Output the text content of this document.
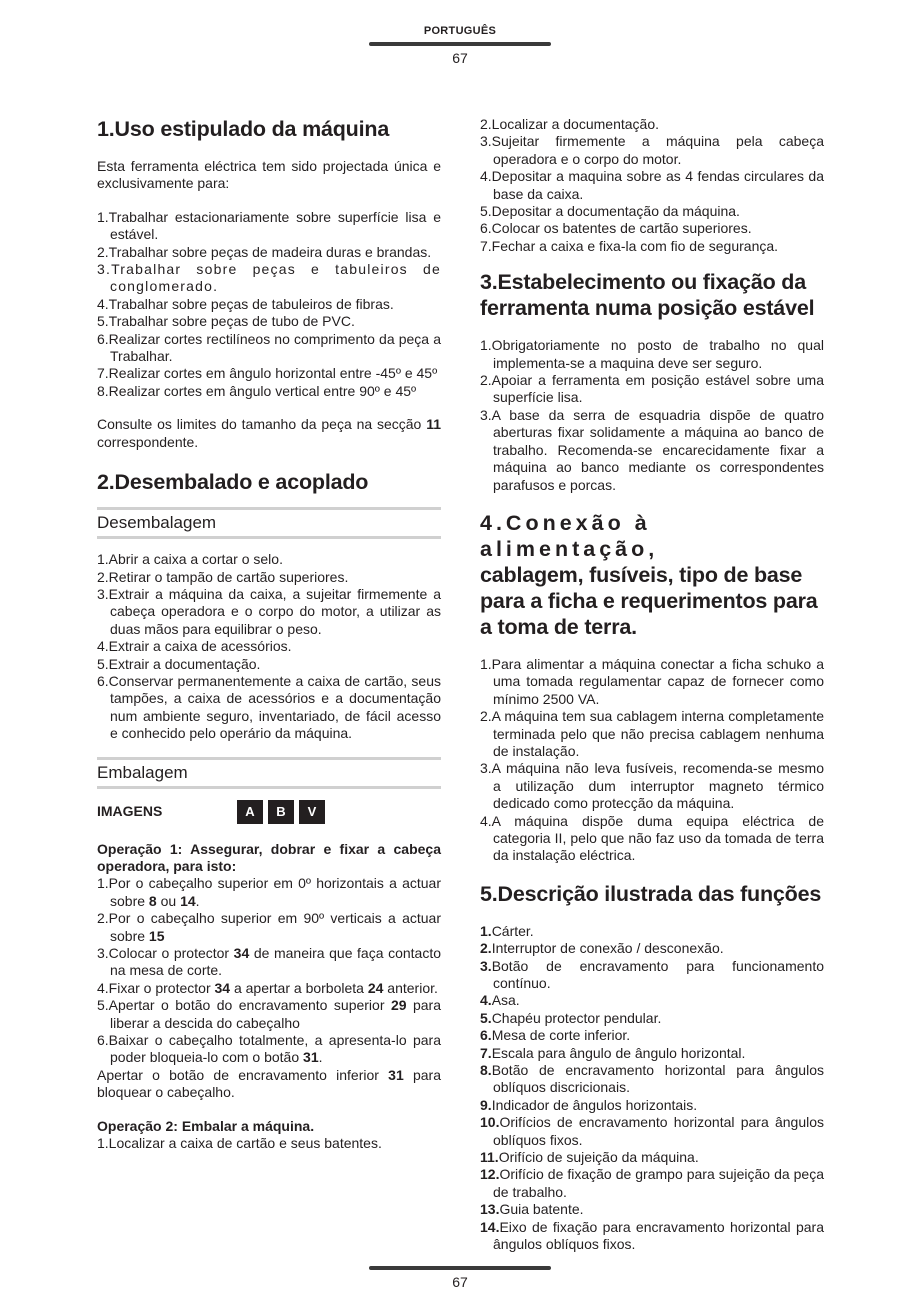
PORTUGUÊS
67
1.Uso estipulado da máquina

Esta ferramenta eléctrica tem sido projectada única e exclusivamente para:

1.Trabalhar estacionariamente sobre superfície lisa e estável.
2.Trabalhar sobre peças de madeira duras e brandas.
3.Trabalhar sobre peças e tabuleiros de conglomerado.
4.Trabalhar sobre peças de tabuleiros de fibras.
5.Trabalhar sobre peças de tubo de PVC.
6.Realizar cortes rectilíneos no comprimento da peça a Trabalhar.
7.Realizar cortes em ângulo horizontal entre -45º e 45º
8.Realizar cortes em ângulo vertical entre 90º e 45º

Consulte os limites do tamanho da peça na secção 11 correspondente.

2.Desembalado e acoplado
Desembalagem
1.Abrir a caixa a cortar o selo.
2.Retirar o tampão de cartão superiores.
3.Extrair a máquina da caixa, a sujeitar firmemente a cabeça operadora e o corpo do motor, a utilizar as duas mãos para equilibrar o peso.
4.Extrair a caixa de acessórios.
5.Extrair a documentação.
6.Conservar permanentemente a caixa de cartão, seus tampões, a caixa de acessórios e a documentação num ambiente seguro, inventariado, de fácil acesso e conhecido pelo operário da máquina.
Embalagem
IMAGENS	A	B	V

Operação 1: Assegurar, dobrar e fixar a cabeça operadora, para isto:

1.Por o cabeçalho superior em 0º horizontais a actuar sobre 8 ou 14.
2.Por o cabeçalho superior em 90º verticais a actuar sobre 15
3.Colocar o protector 34 de maneira que faça contacto na mesa de corte.
4.Fixar o protector 34 a apertar a borboleta 24 anterior.
5.Apertar o botão do encravamento superior 29 para liberar a descida do cabeçalho
6.Baixar o cabeçalho totalmente, a apresenta-lo para poder bloqueia-lo com o botão 31.

Apertar o botão de encravamento inferior 31 para bloquear o cabeçalho.

Operação 2: Embalar a máquina.

1.Localizar a caixa de cartão e seus batentes.
2.Localizar a documentação.
3.Sujeitar firmemente a máquina pela cabeça operadora e o corpo do motor.
4.Depositar a maquina sobre as 4 fendas circulares da base da caixa.
5.Depositar a documentação da máquina.
6.Colocar os batentes de cartão superiores.
7.Fechar a caixa e fixa-la com fio de segurança.
3.Estabelecimento ou fixação da ferramenta numa posição estável
1.Obrigatoriamente no posto de trabalho no qual implementa-se a maquina deve ser seguro.
2.Apoiar a ferramenta em posição estável sobre uma superfície lisa.
3.A base da serra de esquadria dispõe de quatro aberturas fixar solidamente a máquina ao banco de trabalho. Recomenda-se encarecidamente fixar a máquina ao banco mediante os correspondentes parafusos e porcas.
4.Conexão à alimentação,
cablagem, fusíveis, tipo de base para a ficha e requerimentos para a toma de terra.
1.Para alimentar a máquina conectar a ficha schuko a uma tomada regulamentar capaz de fornecer como mínimo 2500 VA.
2.A máquina tem sua cablagem interna completamente terminada pelo que não precisa cablagem nenhuma de instalação.
3.A máquina não leva fusíveis, recomenda-se mesmo a utilização dum interruptor magneto térmico dedicado como protecção da máquina.
4.A máquina dispõe duma equipa eléctrica de categoria II, pelo que não faz uso da tomada de terra da instalação eléctrica.
5.Descrição ilustrada das funções
1.Cárter.
2.Interruptor de conexão / desconexão.
3.Botão de encravamento para funcionamento contínuo.
4.Asa.
5.Chapéu protector pendular.
6.Mesa de corte inferior.
7.Escala para ângulo de ângulo horizontal.
8.Botão de encravamento horizontal para ângulos oblíquos discricionais.
9.Indicador de ângulos horizontais.
10.Orifícios de encravamento horizontal para ângulos oblíquos fixos.
11.Orifício de sujeição da máquina.
12.Orifício de fixação de grampo para sujeição da peça de trabalho.
13.Guia batente.
14.Eixo de fixação para encravamento horizontal para ângulos oblíquos fixos.
67
